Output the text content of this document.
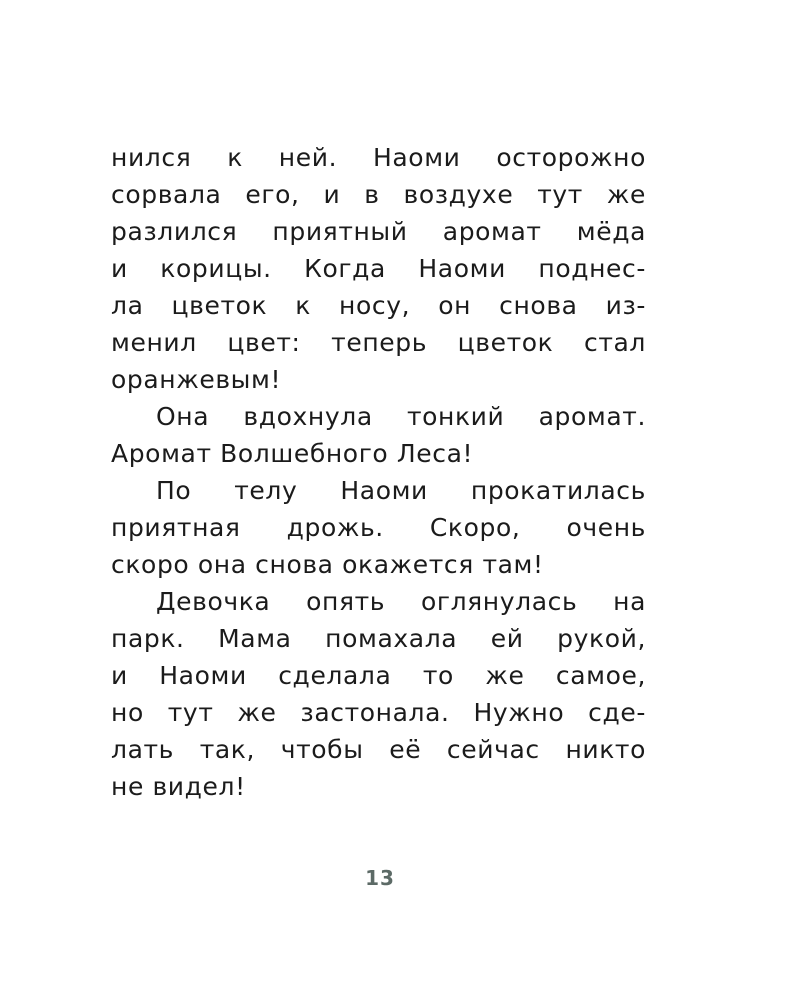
нился к ней. Наоми осторожно
сорвала его, и в воздухе тут же
разлился приятный аромат мёда
и корицы. Когда Наоми поднес-
ла цветок к носу, он снова из-
менил цвет: теперь цветок стал
оранжевым!
Она вдохнула тонкий аромат.
Аромат Волшебного Леса!
По телу Наоми прокатилась
приятная дрожь. Скоро, очень
скоро она снова окажется там!
Девочка опять оглянулась на
парк. Мама помахала ей рукой,
и Наоми сделала то же самое,
но тут же застонала. Нужно сде-
лать так, чтобы её сейчас никто
не видел!
13
